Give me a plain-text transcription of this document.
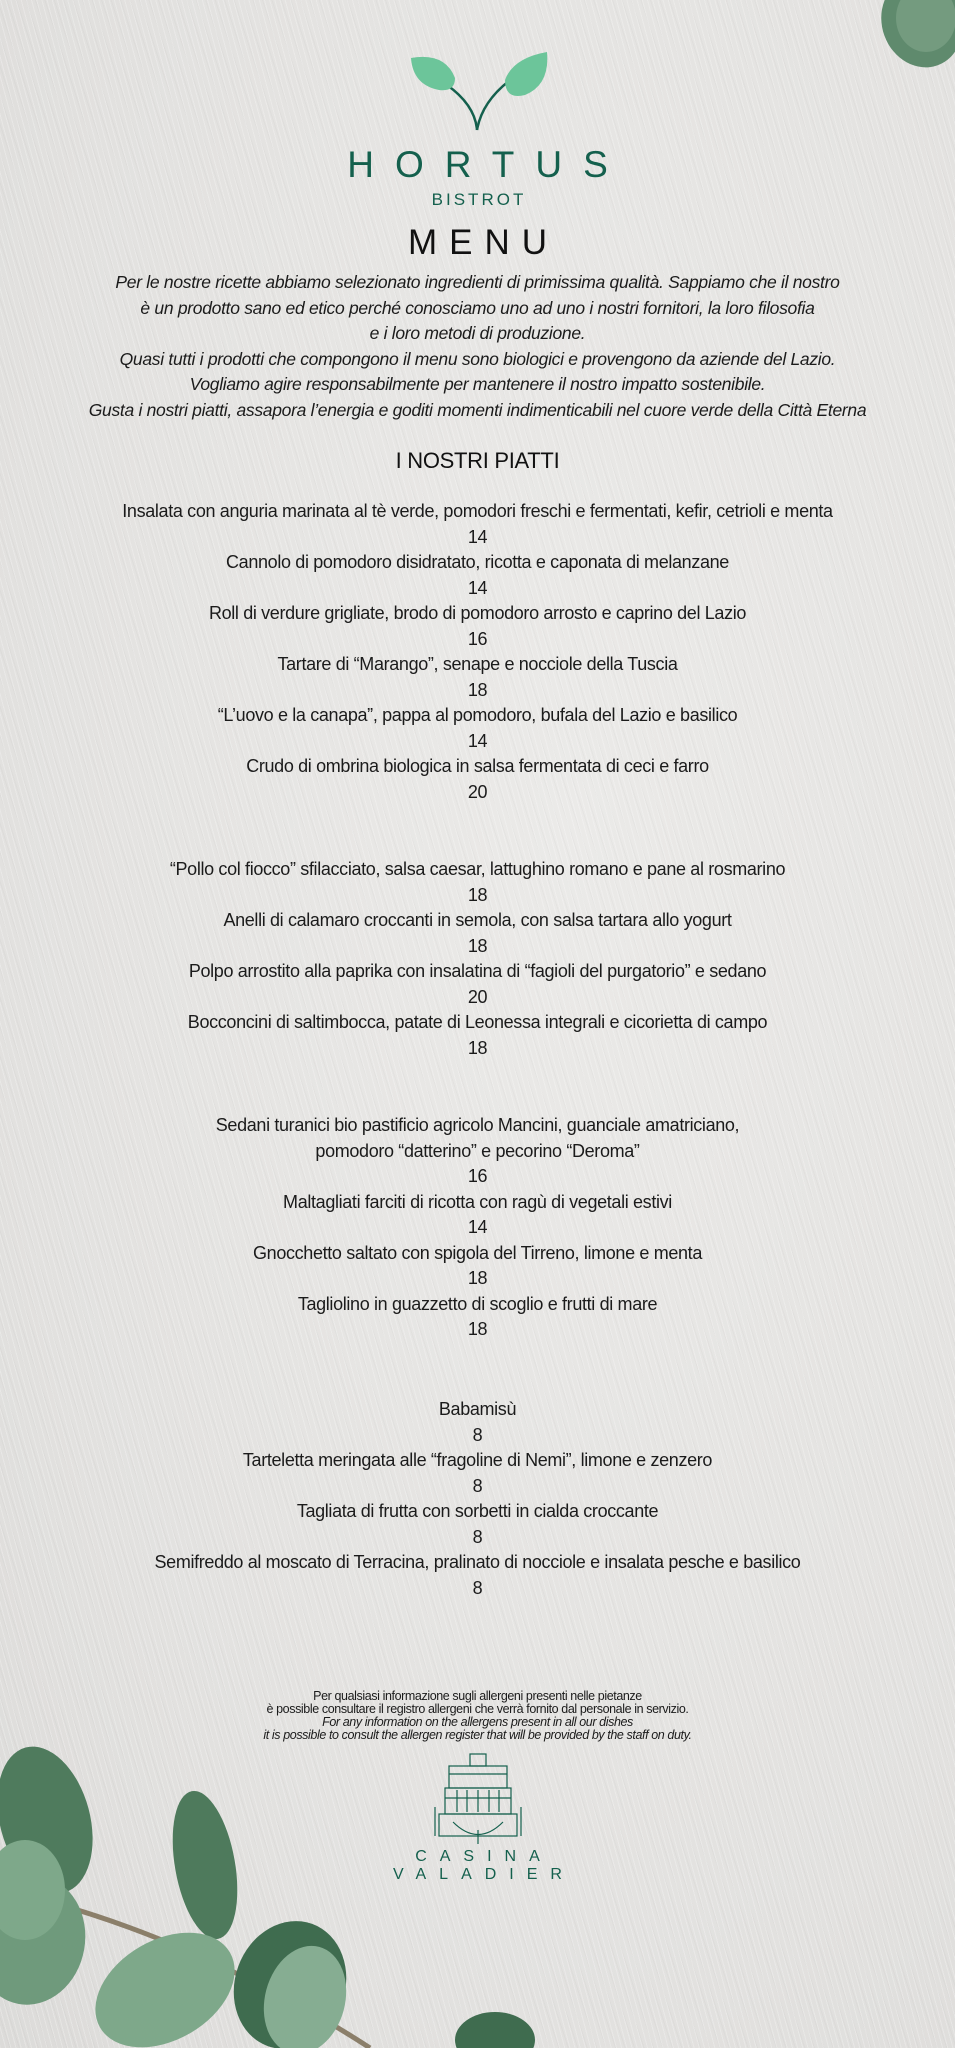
HORTUS
BISTROT
MENU
Per le nostre ricette abbiamo selezionato ingredienti di primissima qualità. Sappiamo che il nostro
è un prodotto sano ed etico perché conosciamo uno ad uno i nostri fornitori, la loro filosofia
e i loro metodi di produzione.
Quasi tutti i prodotti che compongono il menu sono biologici e provengono da aziende del Lazio.
Vogliamo agire responsabilmente per mantenere il nostro impatto sostenibile.
Gusta i nostri piatti, assapora l’energia e goditi momenti indimenticabili nel cuore verde della Città Eterna
I NOSTRI PIATTI
Insalata con anguria marinata al tè verde, pomodori freschi e fermentati, kefir, cetrioli e menta
14
Cannolo di pomodoro disidratato, ricotta e caponata di melanzane
14
Roll di verdure grigliate, brodo di pomodoro arrosto e caprino del Lazio
16
Tartare di “Marango”, senape e nocciole della Tuscia
18
“L’uovo e la canapa”, pappa al pomodoro, bufala del Lazio e basilico
14
Crudo di ombrina biologica in salsa fermentata di ceci e farro
20
“Pollo col fiocco” sfilacciato, salsa caesar, lattughino romano e pane al rosmarino
18
Anelli di calamaro croccanti in semola, con salsa tartara allo yogurt
18
Polpo arrostito alla paprika con insalatina di “fagioli del purgatorio” e sedano
20
Bocconcini di saltimbocca, patate di Leonessa integrali e cicorietta di campo
18
Sedani turanici bio pastificio agricolo Mancini, guanciale amatriciano,
pomodoro “datterino” e pecorino “Deroma”
16
Maltagliati farciti di ricotta con ragù di vegetali estivi
14
Gnocchetto saltato con spigola del Tirreno, limone e menta
18
Tagliolino in guazzetto di scoglio e frutti di mare
18
Babamisù
8
Tarteletta meringata alle “fragoline di Nemi”, limone e zenzero
8
Tagliata di frutta con sorbetti in cialda croccante
8
Semifreddo al moscato di Terracina, pralinato di nocciole e insalata pesche e basilico
8
Per qualsiasi informazione sugli allergeni presenti nelle pietanze
è possible consultare il registro allergeni che verrà fornito dal personale in servizio.
For any information on the allergens present in all our dishes
it is possible to consult the allergen register that will be provided by the staff on duty.
CASINA
VALADIER
